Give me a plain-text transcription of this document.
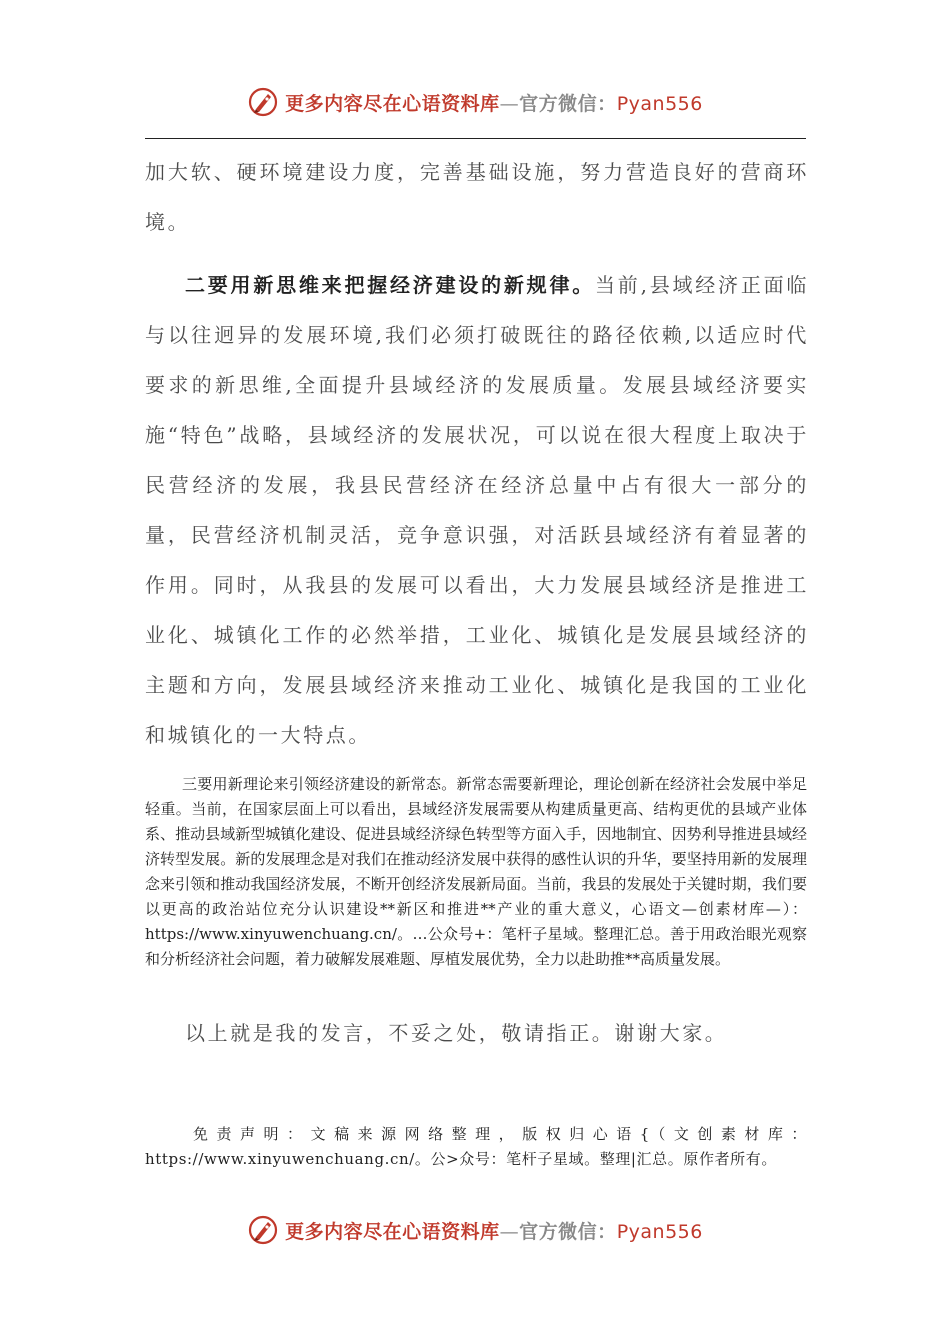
更多内容尽在心语资料库—官方微信：Pyan556

加大软、硬环境建设力度，完善基础设施，努力营造良好的营商环境。

二要用新思维来把握经济建设的新规律。当前,县域经济正面临与以往迥异的发展环境,我们必须打破既往的路径依赖,以适应时代要求的新思维,全面提升县域经济的发展质量。发展县域经济要实施“特色”战略，县域经济的发展状况，可以说在很大程度上取决于民营经济的发展，我县民营经济在经济总量中占有很大一部分的量，民营经济机制灵活，竞争意识强，对活跃县域经济有着显著的作用。同时，从我县的发展可以看出，大力发展县域经济是推进工业化、城镇化工作的必然举措，工业化、城镇化是发展县域经济的主题和方向，发展县域经济来推动工业化、城镇化是我国的工业化和城镇化的一大特点。

三要用新理论来引领经济建设的新常态。新常态需要新理论，理论创新在经济社会发展中举足轻重。当前，在国家层面上可以看出，县域经济发展需要从构建质量更高、结构更优的县域产业体系、推动县域新型城镇化建设、促进县域经济绿色转型等方面入手，因地制宜、因势利导推进县域经济转型发展。新的发展理念是对我们在推动经济发展中获得的感性认识的升华，要坚持用新的发展理念来引领和推动我国经济发展，不断开创经济发展新局面。当前，我县的发展处于关键时期，我们要以更高的政治站位充分认识建设**新区和推进**产业的重大意义，心语文—创素材库—）：https://www.xinyuwenchuang.cn/。…公众号+：笔杆子星域。整理汇总。善于用政治眼光观察和分析经济社会问题，着力破解发展难题、厚植发展优势，全力以赴助推**高质量发展。

以上就是我的发言，不妥之处，敬请指正。谢谢大家。

免责声明：文稿来源网络整理，版权归心语{（文创素材库：https://www.xinyuwenchuang.cn/。公>众号：笔杆子星域。整理|汇总。原作者所有。

更多内容尽在心语资料库—官方微信：Pyan556
